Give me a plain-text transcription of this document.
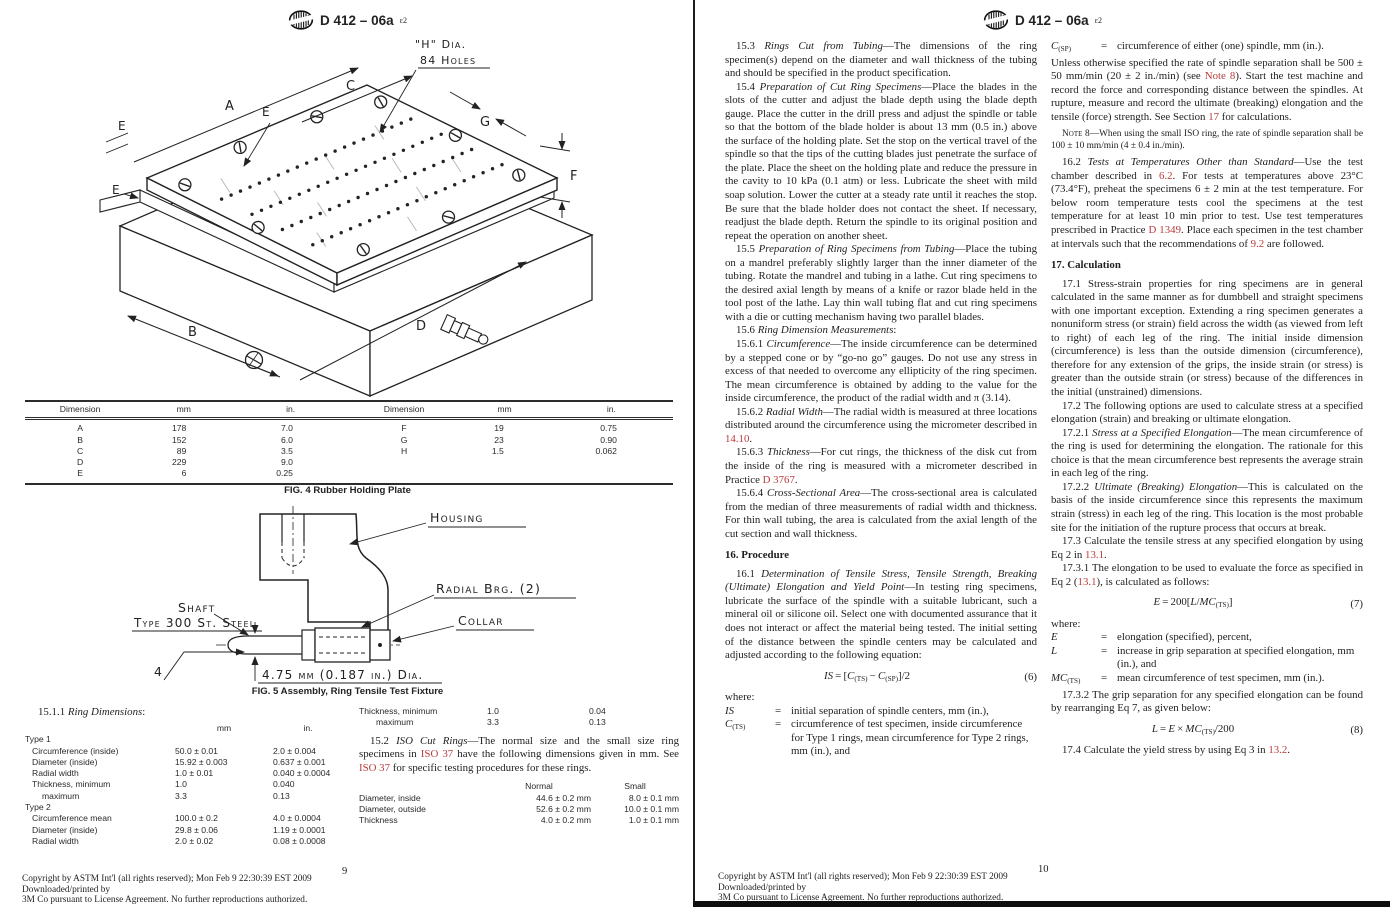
D 412 – 06a ε2
A
C
E
E
E
G
F
"H" Dia.
84 Holes
B	D
Dimension	mm	in.	Dimension	mm	in.
A	178	7.0	F	19	0.75
B	152	6.0	G	23	0.90
C	89	3.5	H	1.5	0.062
D	229	9.0
E	6	0.25
FIG. 4 Rubber Holding Plate
Housing
Radial Brg. (2)
Collar
Shaft
Type 300 St. Steel
4	4.75 mm (0.187 in.) Dia.
FIG. 5 Assembly, Ring Tensile Test Fixture

15.1.1 Ring Dimensions:

mm	in.
Type 1
Circumference (inside)	50.0 ± 0.01	2.0 ± 0.004
Diameter (inside)	15.92 ± 0.003	0.637 ± 0.001
Radial width	1.0 ± 0.01	0.040 ± 0.0004
Thickness, minimum	1.0	0.040
maximum	3.3	0.13
Type 2
Circumference mean	100.0 ± 0.2	4.0 ± 0.0004
Diameter (inside)	29.8 ± 0.06	1.19 ± 0.0001
Radial width	2.0 ± 0.02	0.08 ± 0.0008
Thickness, minimum	1.0	0.04
maximum	3.3	0.13

15.2 ISO Cut Rings—The normal size and the small size ring specimens in ISO 37 have the following dimensions given in mm. See ISO 37 for specific testing procedures for these rings.

Normal	Small
Diameter, inside	44.6 ± 0.2 mm	8.0 ± 0.1 mm
Diameter, outside	52.6 ± 0.2 mm	10.0 ± 0.1 mm
Thickness	4.0 ± 0.2 mm	1.0 ± 0.1 mm
9
Copyright by ASTM Int'l (all rights reserved); Mon Feb 9 22:30:39 EST 2009
Downloaded/printed by
3M Co pursuant to License Agreement. No further reproductions authorized.
D 412 – 06a ε2

15.3 Rings Cut from Tubing—The dimensions of the ring specimen(s) depend on the diameter and wall thickness of the tubing and should be specified in the product specification.

15.4 Preparation of Cut Ring Specimens—Place the blades in the slots of the cutter and adjust the blade depth using the blade depth gauge. Place the cutter in the drill press and adjust the spindle or table so that the bottom of the blade holder is about 13 mm (0.5 in.) above the surface of the holding plate. Set the stop on the vertical travel of the spindle so that the tips of the cutting blades just penetrate the surface of the plate. Place the sheet on the holding plate and reduce the pressure in the cavity to 10 kPa (0.1 atm) or less. Lubricate the sheet with mild soap solution. Lower the cutter at a steady rate until it reaches the stop. Be sure that the blade holder does not contact the sheet. If necessary, readjust the blade depth. Return the spindle to its original position and repeat the operation on another sheet.

15.5 Preparation of Ring Specimens from Tubing—Place the tubing on a mandrel preferably slightly larger than the inner diameter of the tubing. Rotate the mandrel and tubing in a lathe. Cut ring specimens to the desired axial length by means of a knife or razor blade held in the tool post of the lathe. Lay thin wall tubing flat and cut ring specimens with a die or cutting mechanism having two parallel blades.

15.6 Ring Dimension Measurements:

15.6.1 Circumference—The inside circumference can be determined by a stepped cone or by “go-no go” gauges. Do not use any stress in excess of that needed to overcome any ellipticity of the ring specimen. The mean circumference is obtained by adding to the value for the inside circumference, the product of the radial width and π (3.14).

15.6.2 Radial Width—The radial width is measured at three locations distributed around the circumference using the micrometer described in 14.10.

15.6.3 Thickness—For cut rings, the thickness of the disk cut from the inside of the ring is measured with a micrometer described in Practice D 3767.

15.6.4 Cross-Sectional Area—The cross-sectional area is calculated from the median of three measurements of radial width and thickness. For thin wall tubing, the area is calculated from the axial length of the cut section and wall thickness.

16. Procedure

16.1 Determination of Tensile Stress, Tensile Strength, Breaking (Ultimate) Elongation and Yield Point—In testing ring specimens, lubricate the surface of the spindle with a suitable lubricant, such a mineral oil or silicone oil. Select one with documented assurance that it does not interact or affect the material being tested. The initial setting of the distance between the spindle centers may be calculated and adjusted according to the following equation:

IS = $[C_{(TS)} - C_{(SP)}]/2$	(6)

where:

IS	= initial separation of spindle centers, mm (in.),
$C_{(TS)}$	= circumference of test specimen, inside circumference for Type 1 rings, mean circumference for Type 2 rings, mm (in.), and
$C_{(SP)}$	= circumference of either (one) spindle, mm (in.).

Unless otherwise specified the rate of spindle separation shall be 500 ± 50 mm/min (20 ± 2 in./min) (see Note 8). Start the test machine and record the force and corresponding distance between the spindles. At rupture, measure and record the ultimate (breaking) elongation and the tensile (force) strength. See Section 17 for calculations.

Note 8—When using the small ISO ring, the rate of spindle separation shall be 100 ± 10 mm/min (4 ± 0.4 in./min).

16.2 Tests at Temperatures Other than Standard—Use the test chamber described in 6.2. For tests at temperatures above 23°C (73.4°F), preheat the specimens 6 ± 2 min at the test temperature. For below room temperature tests cool the specimens at the test temperature for at least 10 min prior to test. Use test temperatures prescribed in Practice D 1349. Place each specimen in the test chamber at intervals such that the recommendations of 9.2 are followed.

17. Calculation

17.1 Stress-strain properties for ring specimens are in general calculated in the same manner as for dumbbell and straight specimens with one important exception. Extending a ring specimen generates a nonuniform stress (or strain) field across the width (as viewed from left to right) of each leg of the ring. The initial inside dimension (circumference) is less than the outside dimension (circumference), therefore for any extension of the grips, the inside strain (or stress) is greater than the outside strain (or stress) because of the differences in the initial (unstrained) dimensions.

17.2 The following options are used to calculate stress at a specified elongation (strain) and breaking or ultimate elongation.

17.2.1 Stress at a Specified Elongation—The mean circumference of the ring is used for determining the elongation. The rationale for this choice is that the mean circumference best represents the average strain in each leg of the ring.

17.2.2 Ultimate (Breaking) Elongation—This is calculated on the basis of the inside circumference since this represents the maximum strain (stress) in each leg of the ring. This location is the most probable site for the initiation of the rupture process that occurs at break.

17.3 Calculate the tensile stress at any specified elongation by using Eq 2 in 13.1.

17.3.1 The elongation to be used to evaluate the force as specified in Eq 2 (13.1), is calculated as follows:

$E = 200[L/MC_{(TS)}]$	(7)

where:

E	= elongation (specified), percent,
L	= increase in grip separation at specified elongation, mm (in.), and
$MC_{(TS)}$	= mean circumference of test specimen, mm (in.).

17.3.2 The grip separation for any specified elongation can be found by rearranging Eq 7, as given below:

$L = E \times MC_{(TS)}/200$	(8)

17.4 Calculate the yield stress by using Eq 3 in 13.2.

10
Copyright by ASTM Int'l (all rights reserved); Mon Feb 9 22:30:39 EST 2009
Downloaded/printed by
3M Co pursuant to License Agreement. No further reproductions authorized.
